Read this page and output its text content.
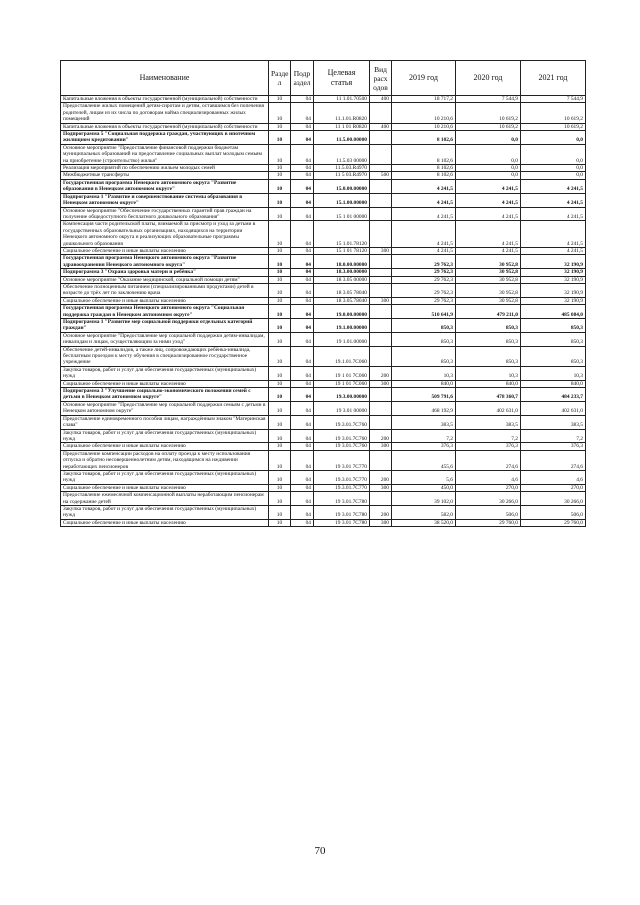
Наименование	Разде л	Подр аздел	Целевая статья	Вид расх одов	2019 год	2020 год	2021 год
Капитальные вложения в объекты государственной (муниципальной) собственности	10	04	11 1.01.70500	400	18 717,2	7 544,9	7 544,9
Предоставление жилых помещений детям-сиротам и детям, оставшимся без попечения родителей, лицам из их числа по договорам найма специализированных жилых помещений	10	04	11.1.01.R0820		10 210,6	10 619,2	10 619,2
Капитальные вложения в объекты государственной (муниципальной) собственности	10	04	11 1 01 R0820	400	10 210,6	10 619,2	10 619,2
Подпрограмма 5 "Социальная поддержка граждан, участвующих в ипотечном жилищном кредитовании"	10	04	11.5.00.00000		8 102,6	0,0	0,0
Основное мероприятие "Предоставление финансовой поддержки бюджетам муниципальных образований на предоставление социальных выплат молодым семьям на приобретение (строительство) жилья"	10	04	11.5.03 00000		8 102,6	0,0	0,0
Реализация мероприятий по обеспечению жильем молодых семей	10	04	11.5.03.R4970		8 102,6	0,0	0,0
Межбюджетные трансферты	10	04	11 5 03.R4970	500	8 102,6	0,0	0,0
Государственная программа Ненецкого автономного округа "Развитие образования в Ненецком автономном округе"	10	04	15.0.00.00000		4 241,5	4 241,5	4 241,5
Подпрограмма 1 "Развитие и совершенствование системы образования в Ненецком автономном округе"	10	04	15.1.00.00000		4 241,5	4 241,5	4 241,5
Основное мероприятие "Обеспечение государственных гарантий прав граждан на получение общедоступного бесплатного дошкольного образования"	10	04	15 1 01 00000		4 241,5	4 241,5	4 241,5
Компенсация части родительской платы, взимаемой за присмотр и уход за детьми в государственных образовательных организациях, находящихся на территории Ненецкого автономного округа и реализующих образовательные программы дошкольного образования	10	04	15 1.01.78120		4 241,5	4 241,5	4 241,5
Социальное обеспечение и иные выплаты населению	10	04	15 1 01 78120	300	4 241,5	4 241,5	4 241,5
Государственная программа Ненецкого автономного округа "Развитие здравоохранения Ненецкого автономного округа"	10	04	18.0.00.00000		29 762,3	30 952,8	32 190,9
Подпрограмма 3 "Охрана здоровья матери и ребёнка"	10	04	18.3.00.00000		29 762,3	30 952,8	32 190,9
Основное мероприятие "Оказание медицинской, социальной помощи детям"	10	04	18 3.05 00000		29 762,3	30 952,8	32 190,9
Обеспечение полноценным питанием (специализированными продуктами) детей в возрасте до трёх лет по заключению врача	10	04	18 3.05 78040		29 762,3	30 952,8	32 190,9
Социальное обеспечение и иные выплаты населению	10	04	18 3.05.78040	300	29 762,3	30 952,8	32 190,9
Государственная программа Ненецкого автономного округа "Социальная поддержка граждан в Ненецком автономном округе"	10	04	19.0.00.00000		510 641,9	479 211,0	485 084,0
Подпрограмма 1 "Развитие мер социальной поддержки отдельных категорий граждан"	10	04	19.1.00.00000		850,3	850,3	850,3
Основное мероприятие "Предоставление мер социальной поддержки детям-инвалидам, инвалидам и лицам, осуществляющим за ними уход"	10	04	19 1.01.00000		850,3	850,3	850,3
Обеспечение детей-инвалидов, а также лиц, сопровождающих ребёнка-инвалида, бесплатным проездом к месту обучения в специализированное государственное учреждение	10	04	19.1.01.7С060		850,3	850,3	850,3
Закупка товаров, работ и услуг для обеспечения государственных (муниципальных) нужд	10	04	19 1 01 7С060	200	10,3	10,3	10,3
Социальное обеспечение и иные выплаты населению	10	04	19 1 01 7С060	300	840,0	840,0	840,0
Подпрограмма 3 "Улучшение социально-экономического положения семей с детьми в Ненецком автономном округе"	10	04	19.3.00.00000		509 791,6	478 360,7	484 233,7
Основное мероприятие "Предоставление мер социальной поддержки семьям с детьми в Ненецком автономном округе"	10	04	19 3.01 00000		468 192,9	402 631,0	402 631,0
Предоставление единовременного пособия лицам, награждённым знаком "Материнская слава"	10	04	19.3.01.7С760		383,5	383,5	383,5
Закупка товаров, работ и услуг для обеспечения государственных (муниципальных) нужд	10	04	19 3.01.7С760	200	7,2	7,2	7,2
Социальное обеспечение и иные выплаты населению	10	04	19 3.01.7С760	300	376,3	376,3	376,3
Предоставление компенсации расходов на оплату проезда к месту использования отпуска и обратно несовершеннолетним детям, находящимся на иждивении неработающих пенсионеров	10	04	19 3.01 7С770		455,6	274,6	274,6
Закупка товаров, работ и услуг для обеспечения государственных (муниципальных) нужд	10	04	19.3.01.7С770	200	5,6	4,6	4,6
Социальное обеспечение и иные выплаты населению	10	04	19.3.01.7С770	300	450,0	270,0	270,0
Предоставление ежемесячной компенсационной выплаты неработающим пенсионерам на содержание детей	10	04	19 3.01.7С780		39 102,0	30 266,0	30 266,0
Закупка товаров, работ и услуг для обеспечения государственных (муниципальных) нужд	10	04	19 3.01 7С780	200	582,0	506,0	506,0
Социальное обеспечение и иные выплаты населению	10	04	19 3.01 7С780	300	38 520,0	29 760,0	29 760,0
70
